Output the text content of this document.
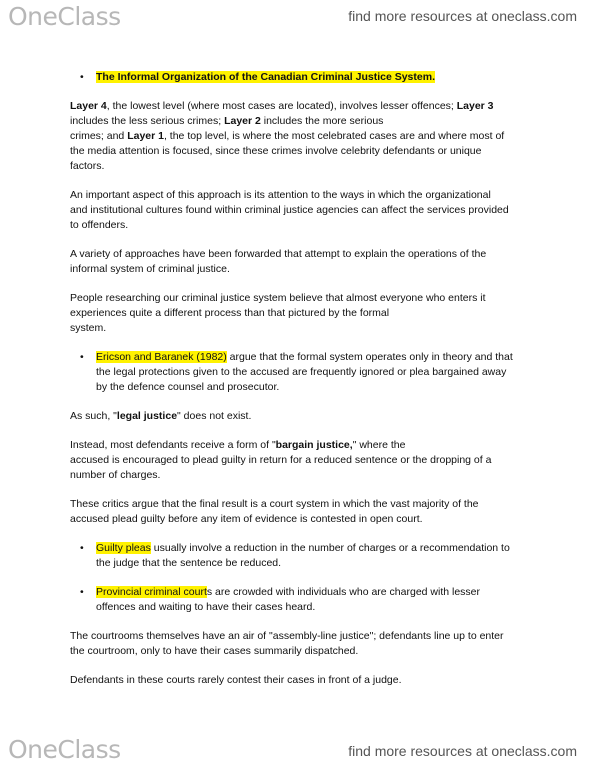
OneClass	find more resources at oneclass.com
• The Informal Organization of the Canadian Criminal Justice System.

Layer 4, the lowest level (where most cases are located), involves lesser offences; Layer 3
includes the less serious crimes; Layer 2 includes the more serious
crimes; and Layer 1, the top level, is where the most celebrated cases are and where most of
the media attention is focused, since these crimes involve celebrity defendants or unique
factors.

An important aspect of this approach is its attention to the ways in which the organizational
and institutional cultures found within criminal justice agencies can affect the services provided
to offenders.

A variety of approaches have been forwarded that attempt to explain the operations of the
informal system of criminal justice.

People researching our criminal justice system believe that almost everyone who enters it
experiences quite a different process than that pictured by the formal
system.

• Ericson and Baranek (1982) argue that the formal system operates only in theory and that
the legal protections given to the accused are frequently ignored or plea bargained away
by the defence counsel and prosecutor.

As such, "legal justice" does not exist.

Instead, most defendants receive a form of "bargain justice," where the
accused is encouraged to plead guilty in return for a reduced sentence or the dropping of a
number of charges.

These critics argue that the final result is a court system in which the vast majority of the
accused plead guilty before any item of evidence is contested in open court.

• Guilty pleas usually involve a reduction in the number of charges or a recommendation to
the judge that the sentence be reduced.
• Provincial criminal courts are crowded with individuals who are charged with lesser
offences and waiting to have their cases heard.

The courtrooms themselves have an air of "assembly-line justice"; defendants line up to enter
the courtroom, only to have their cases summarily dispatched.

Defendants in these courts rarely contest their cases in front of a judge.

OneClass	find more resources at oneclass.com
